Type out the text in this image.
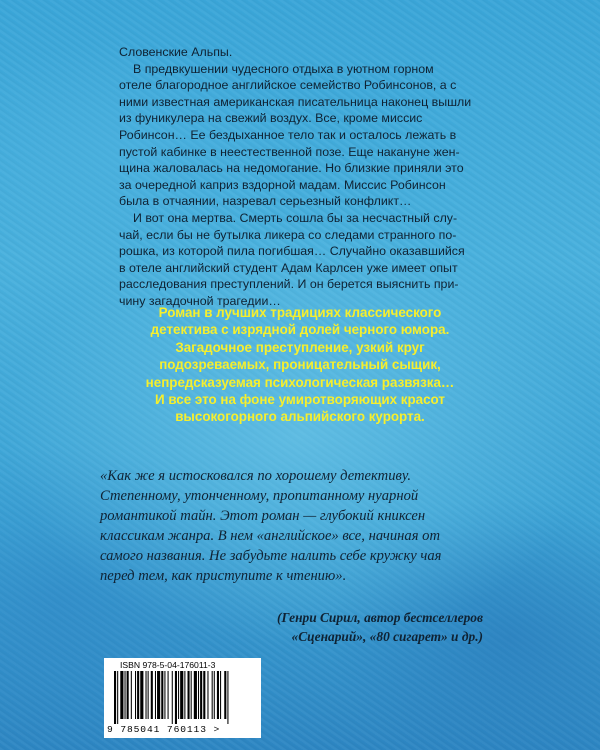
Словенские Альпы.

В предвкушении чудесного отдыха в уютном горном
отеле благородное английское семейство Робинсонов, а с
ними известная американская писательница наконец вышли
из фуникулера на свежий воздух. Все, кроме миссис
Робинсон… Ее бездыханное тело так и осталось лежать в
пустой кабинке в неестественной позе. Еще накануне жен-
щина жаловалась на недомогание. Но близкие приняли это
за очередной каприз вздорной мадам. Миссис Робинсон
была в отчаянии, назревал серьезный конфликт…

И вот она мертва. Смерть сошла бы за несчастный слу-
чай, если бы не бутылка ликера со следами странного по-
рошка, из которой пила погибшая… Случайно оказавшийся
в отеле английский студент Адам Карлсен уже имеет опыт
расследования преступлений. И он берется выяснить при-
чину загадочной трагедии…

Роман в лучших традициях классического
детектива с изрядной долей черного юмора.
Загадочное преступление, узкий круг
подозреваемых, проницательный сыщик,
непредсказуемая психологическая развязка…
И все это на фоне умиротворяющих красот
высокогорного альпийского курорта.
«Как же я истосковался по хорошему детективу.
Степенному, утонченному, пропитанному нуарной
романтикой тайн. Этот роман — глубокий книксен
классикам жанра. В нем «английское» все, начиная от
самого названия. Не забудьте налить себе кружку чая
перед тем, как приступите к чтению».
(Генри Сирил, автор бестселлеров
«Сценарий», «80 сигарет» и др.)
ISBN 978-5-04-176011-3
9 785041 760113 >
